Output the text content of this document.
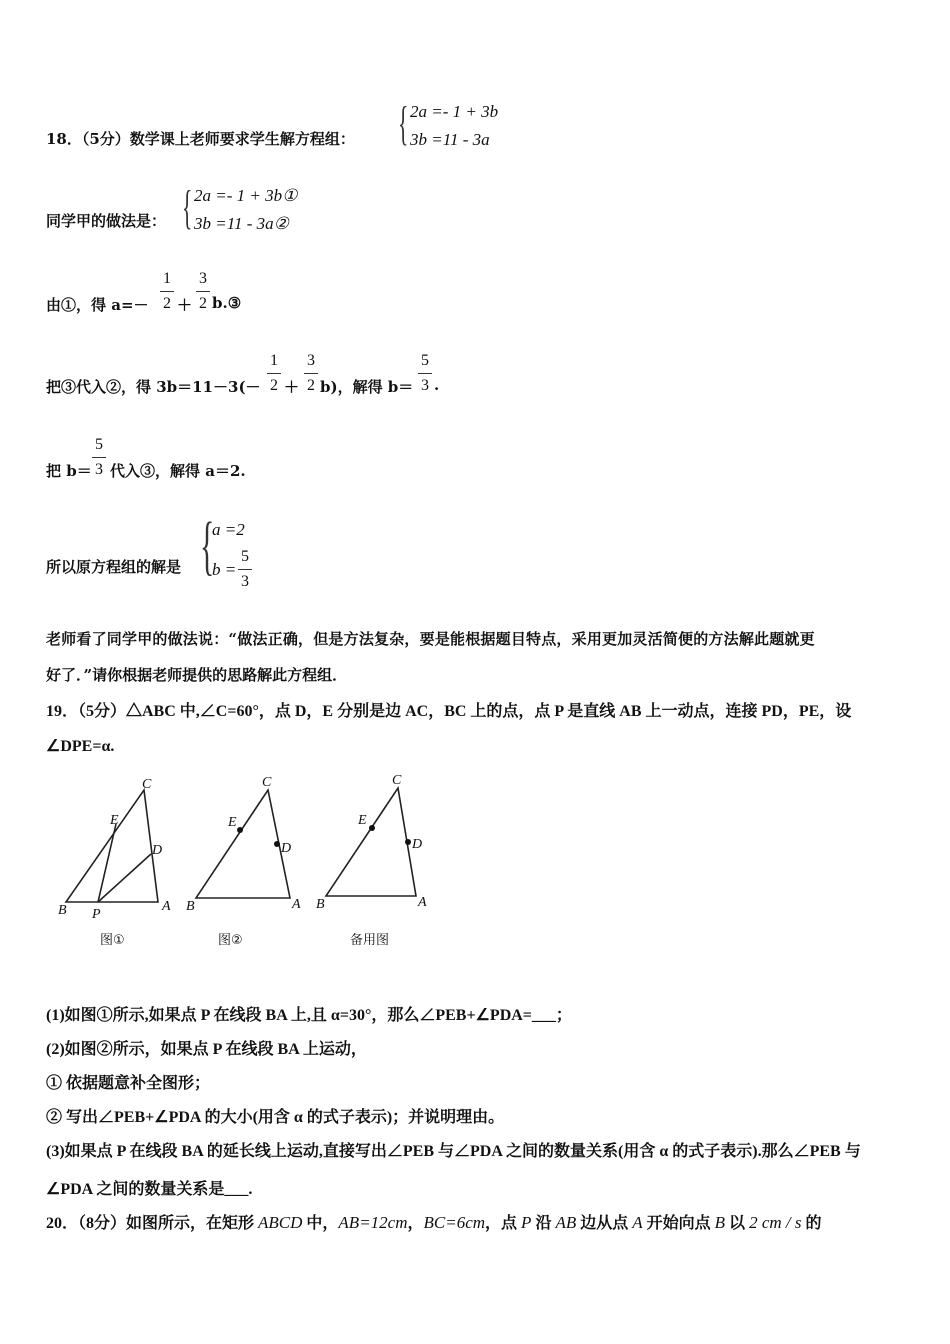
18．（5分）数学课上老师要求学生解方程组： { 2a =- 1 + 3b
3b =11 - 3a
同学甲的做法是： { 2a =- 1 + 3b①
3b =11 - 3a②
由①，得 a=－
1
2 ＋
3
2 b.③
把③代入②，得 3b＝11－3(－
1
2 ＋
3
2 b)，解得 b＝
5
3 .
把 b＝
5
3 代入③，解得 a＝2.
所以原方程组的解是 {
a =2
b =
5
3
老师看了同学甲的做法说：“做法正确，但是方法复杂，要是能根据题目特点，采用更加灵活简便的方法解此题就更
好了．”请你根据老师提供的思路解此方程组．
19．（5分）△ABC 中,∠C=60°，点 D，E 分别是边 AC，BC 上的点，点 P 是直线 AB 上一动点，连接 PD，PE，设
∠DPE=α.
C
E
D
B P
A
图①
C
E
D
B	A
图②
C
E
D
B	A
备用图
(1)如图①所示,如果点 P 在线段 BA 上,且 α=30°，那么∠PEB+∠PDA=___；
(2)如图②所示，如果点 P 在线段 BA 上运动，
① 依据题意补全图形；
② 写出∠PEB+∠PDA 的大小(用含 α 的式子表示)；并说明理由。
(3)如果点 P 在线段 BA 的延长线上运动,直接写出∠PEB 与∠PDA 之间的数量关系(用含 α 的式子表示).那么∠PEB 与
∠PDA 之间的数量关系是___.
20．（8分）如图所示，在矩形 ABCD 中，AB=12cm，BC=6cm，点 P 沿 AB 边从点 A 开始向点 B 以 2 cm / s 的
